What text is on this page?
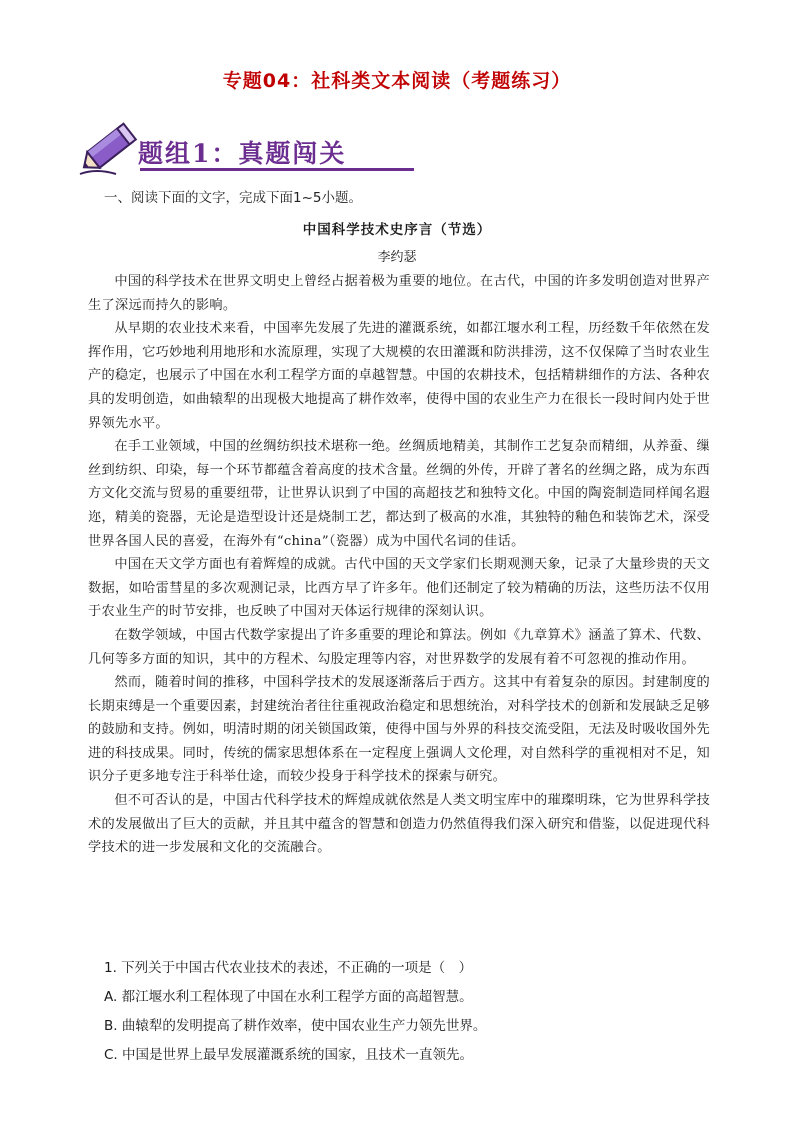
专题04：社科类文本阅读（考题练习）
题组1：真题闯关
一、阅读下面的文字，完成下面1~5小题。
中国科学技术史序言（节选）
李约瑟

中国的科学技术在世界文明史上曾经占据着极为重要的地位。在古代，中国的许多发明创造对世界产生了深远而持久的影响。

从早期的农业技术来看，中国率先发展了先进的灌溉系统，如都江堰水利工程，历经数千年依然在发挥作用，它巧妙地利用地形和水流原理，实现了大规模的农田灌溉和防洪排涝，这不仅保障了当时农业生产的稳定，也展示了中国在水利工程学方面的卓越智慧。中国的农耕技术，包括精耕细作的方法、各种农具的发明创造，如曲辕犁的出现极大地提高了耕作效率，使得中国的农业生产力在很长一段时间内处于世界领先水平。

在手工业领域，中国的丝绸纺织技术堪称一绝。丝绸质地精美，其制作工艺复杂而精细，从养蚕、缫丝到纺织、印染，每一个环节都蕴含着高度的技术含量。丝绸的外传，开辟了著名的丝绸之路，成为东西方文化交流与贸易的重要纽带，让世界认识到了中国的高超技艺和独特文化。中国的陶瓷制造同样闻名遐迩，精美的瓷器，无论是造型设计还是烧制工艺，都达到了极高的水准，其独特的釉色和装饰艺术，深受世界各国人民的喜爱，在海外有“china”（瓷器）成为中国代名词的佳话。

中国在天文学方面也有着辉煌的成就。古代中国的天文学家们长期观测天象，记录了大量珍贵的天文数据，如哈雷彗星的多次观测记录，比西方早了许多年。他们还制定了较为精确的历法，这些历法不仅用于农业生产的时节安排，也反映了中国对天体运行规律的深刻认识。

在数学领域，中国古代数学家提出了许多重要的理论和算法。例如《九章算术》涵盖了算术、代数、几何等多方面的知识，其中的方程术、勾股定理等内容，对世界数学的发展有着不可忽视的推动作用。

然而，随着时间的推移，中国科学技术的发展逐渐落后于西方。这其中有着复杂的原因。封建制度的长期束缚是一个重要因素，封建统治者往往重视政治稳定和思想统治，对科学技术的创新和发展缺乏足够的鼓励和支持。例如，明清时期的闭关锁国政策，使得中国与外界的科技交流受阻，无法及时吸收国外先进的科技成果。同时，传统的儒家思想体系在一定程度上强调人文伦理，对自然科学的重视相对不足，知识分子更多地专注于科举仕途，而较少投身于科学技术的探索与研究。

但不可否认的是，中国古代科学技术的辉煌成就依然是人类文明宝库中的璀璨明珠，它为世界科学技术的发展做出了巨大的贡献，并且其中蕴含的智慧和创造力仍然值得我们深入研究和借鉴，以促进现代科学技术的进一步发展和文化的交流融合。

1. 下列关于中国古代农业技术的表述，不正确的一项是（　）

A. 都江堰水利工程体现了中国在水利工程学方面的高超智慧。

B. 曲辕犁的发明提高了耕作效率，使中国农业生产力领先世界。

C. 中国是世界上最早发展灌溉系统的国家，且技术一直领先。
